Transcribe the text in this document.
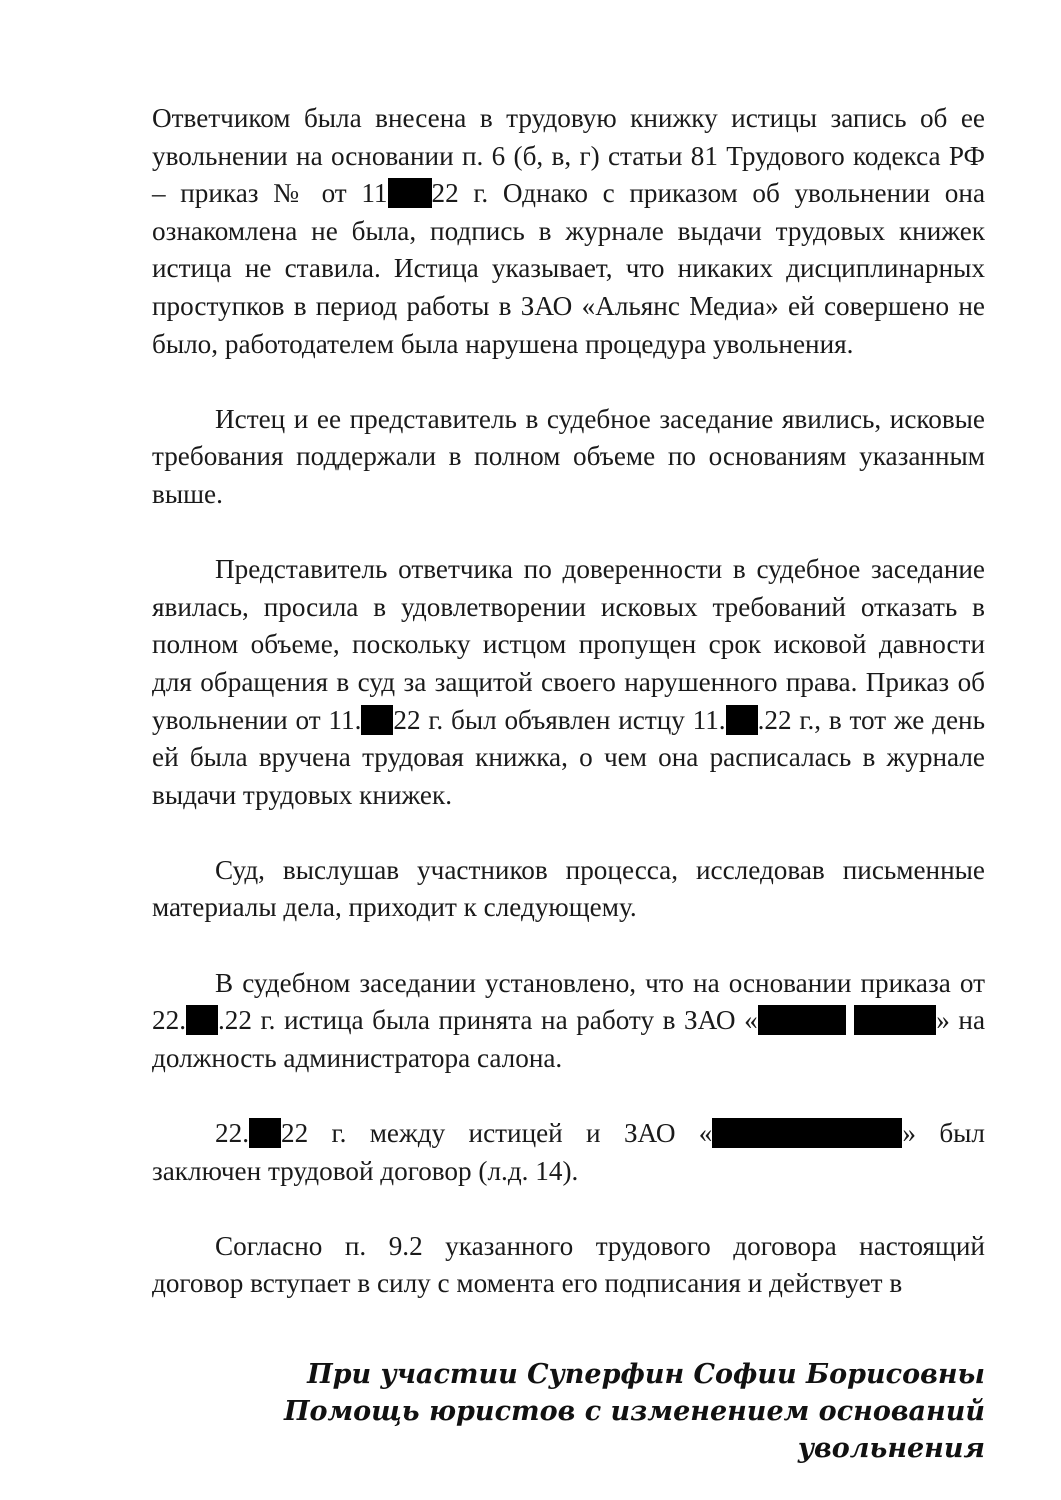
Ответчиком была внесена в трудовую книжку истицы запись об ее увольнении на основании п. 6 (б, в, г) статьи 81 Трудового кодекса РФ – приказ № от 11 22 г. Однако с приказом об увольнении она ознакомлена не была, подпись в журнале выдачи трудовых книжек истица не ставила. Истица указывает, что никаких дисциплинарных проступков в период работы в ЗАО «Альянс Медиа» ей совершено не было, работодателем была нарушена процедура увольнения.

Истец и ее представитель в судебное заседание явились, исковые требования поддержали в полном объеме по основаниям указанным выше.

Представитель ответчика по доверенности в судебное заседание явилась, просила в удовлетворении исковых требований отказать в полном объеме, поскольку истцом пропущен срок исковой давности для обращения в суд за защитой своего нарушенного права. Приказ об увольнении от 11. 22 г. был объявлен истцу 11. .22 г., в тот же день ей была вручена трудовая книжка, о чем она расписалась в журнале выдачи трудовых книжек.

Суд, выслушав участников процесса, исследовав письменные материалы дела, приходит к следующему.

В судебном заседании установлено, что на основании приказа от 22. .22 г. истица была принята на работу в ЗАО «	» на должность администратора салона.

22. 22 г. между истицей и ЗАО «	» был заключен трудовой договор (л.д. 14).

Согласно п. 9.2 указанного трудового договора настоящий договор вступает в силу с момента его подписания и действует в

При участии Суперфин Софии Борисовны
Помощь юристов с изменением оснований
увольнения
